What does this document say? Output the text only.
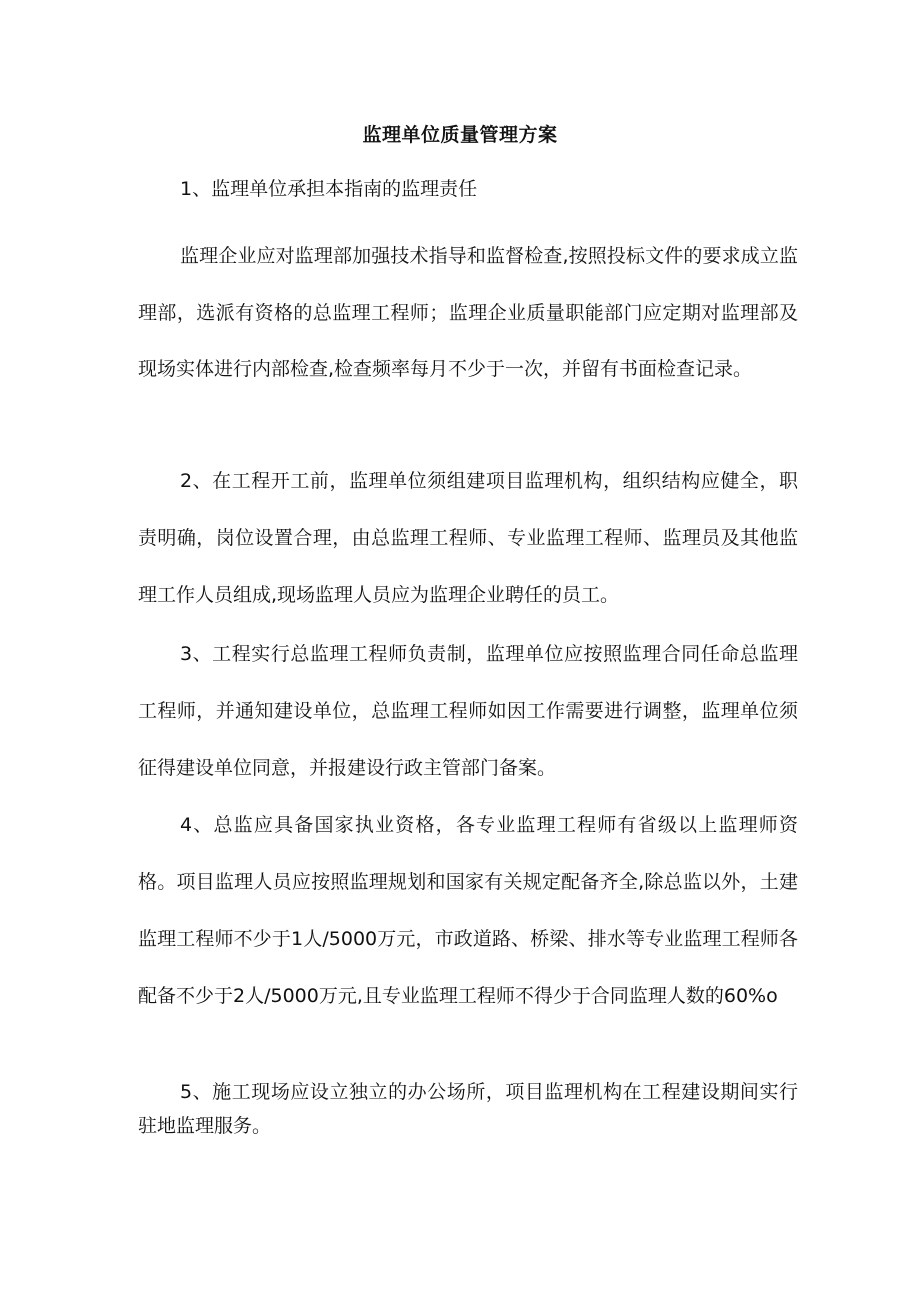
监理单位质量管理方案

1、监理单位承担本指南的监理责任

监理企业应对监理部加强技术指导和监督检查,按照投标文件的要求成立监理部，选派有资格的总监理工程师；监理企业质量职能部门应定期对监理部及现场实体进行内部检查,检查频率每月不少于一次，并留有书面检查记录。

2、在工程开工前，监理单位须组建项目监理机构，组织结构应健全，职责明确，岗位设置合理，由总监理工程师、专业监理工程师、监理员及其他监理工作人员组成,现场监理人员应为监理企业聘任的员工。

3、工程实行总监理工程师负责制，监理单位应按照监理合同任命总监理工程师，并通知建设单位，总监理工程师如因工作需要进行调整，监理单位须征得建设单位同意，并报建设行政主管部门备案。

4、总监应具备国家执业资格，各专业监理工程师有省级以上监理师资格。项目监理人员应按照监理规划和国家有关规定配备齐全,除总监以外，土建监理工程师不少于1人/5000万元，市政道路、桥梁、排水等专业监理工程师各配备不少于2人/5000万元,且专业监理工程师不得少于合同监理人数的60%o

5、施工现场应设立独立的办公场所，项目监理机构在工程建设期间实行驻地监理服务。
